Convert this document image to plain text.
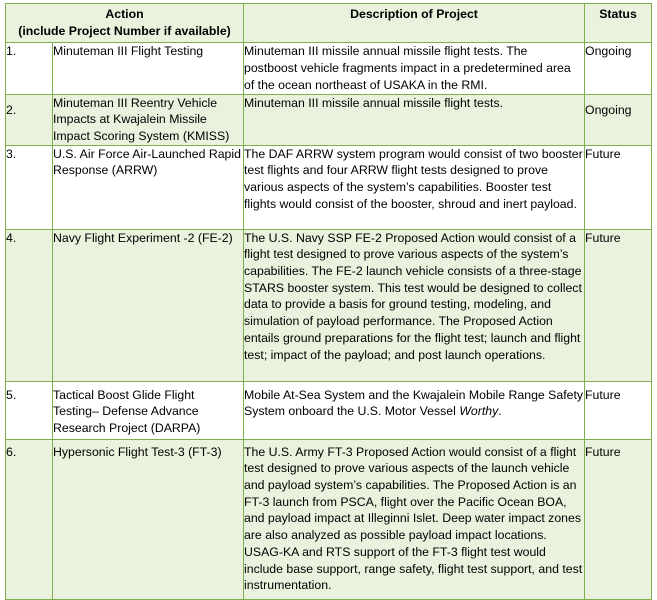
Action
(include Project Number if available)		Description of Project	Status
1.	Minuteman III Flight Testing	Minuteman III missile annual missile flight tests. The postboost vehicle fragments impact in a predetermined area of the ocean northeast of USAKA in the RMI.	Ongoing
2.	Minuteman III Reentry Vehicle Impacts at Kwajalein Missile Impact Scoring System (KMISS)	Minuteman III missile annual missile flight tests.	Ongoing
3.	U.S. Air Force Air-Launched Rapid Response (ARRW)	The DAF ARRW system program would consist of two booster test flights and four ARRW flight tests designed to prove various aspects of the system’s capabilities. Booster test flights would consist of the booster, shroud and inert payload.	Future
4.	Navy Flight Experiment -2 (FE-2)	The U.S. Navy SSP FE-2 Proposed Action would consist of a flight test designed to prove various aspects of the system’s capabilities. The FE-2 launch vehicle consists of a three-stage STARS booster system. This test would be designed to collect data to provide a basis for ground testing, modeling, and simulation of payload performance. The Proposed Action entails ground preparations for the flight test; launch and flight test; impact of the payload; and post launch operations.	Future
5.	Tactical Boost Glide Flight Testing– Defense Advance Research Project (DARPA)	Mobile At-Sea System and the Kwajalein Mobile Range Safety System onboard the U.S. Motor Vessel Worthy.	Future
6.	Hypersonic Flight Test-3 (FT-3)	The U.S. Army FT-3 Proposed Action would consist of a flight test designed to prove various aspects of the launch vehicle and payload system’s capabilities. The Proposed Action is an FT-3 launch from PSCA, flight over the Pacific Ocean BOA, and payload impact at Illeginni Islet. Deep water impact zones are also analyzed as possible payload impact locations. USAG-KA and RTS support of the FT-3 flight test would include base support, range safety, flight test support, and test instrumentation.	Future
